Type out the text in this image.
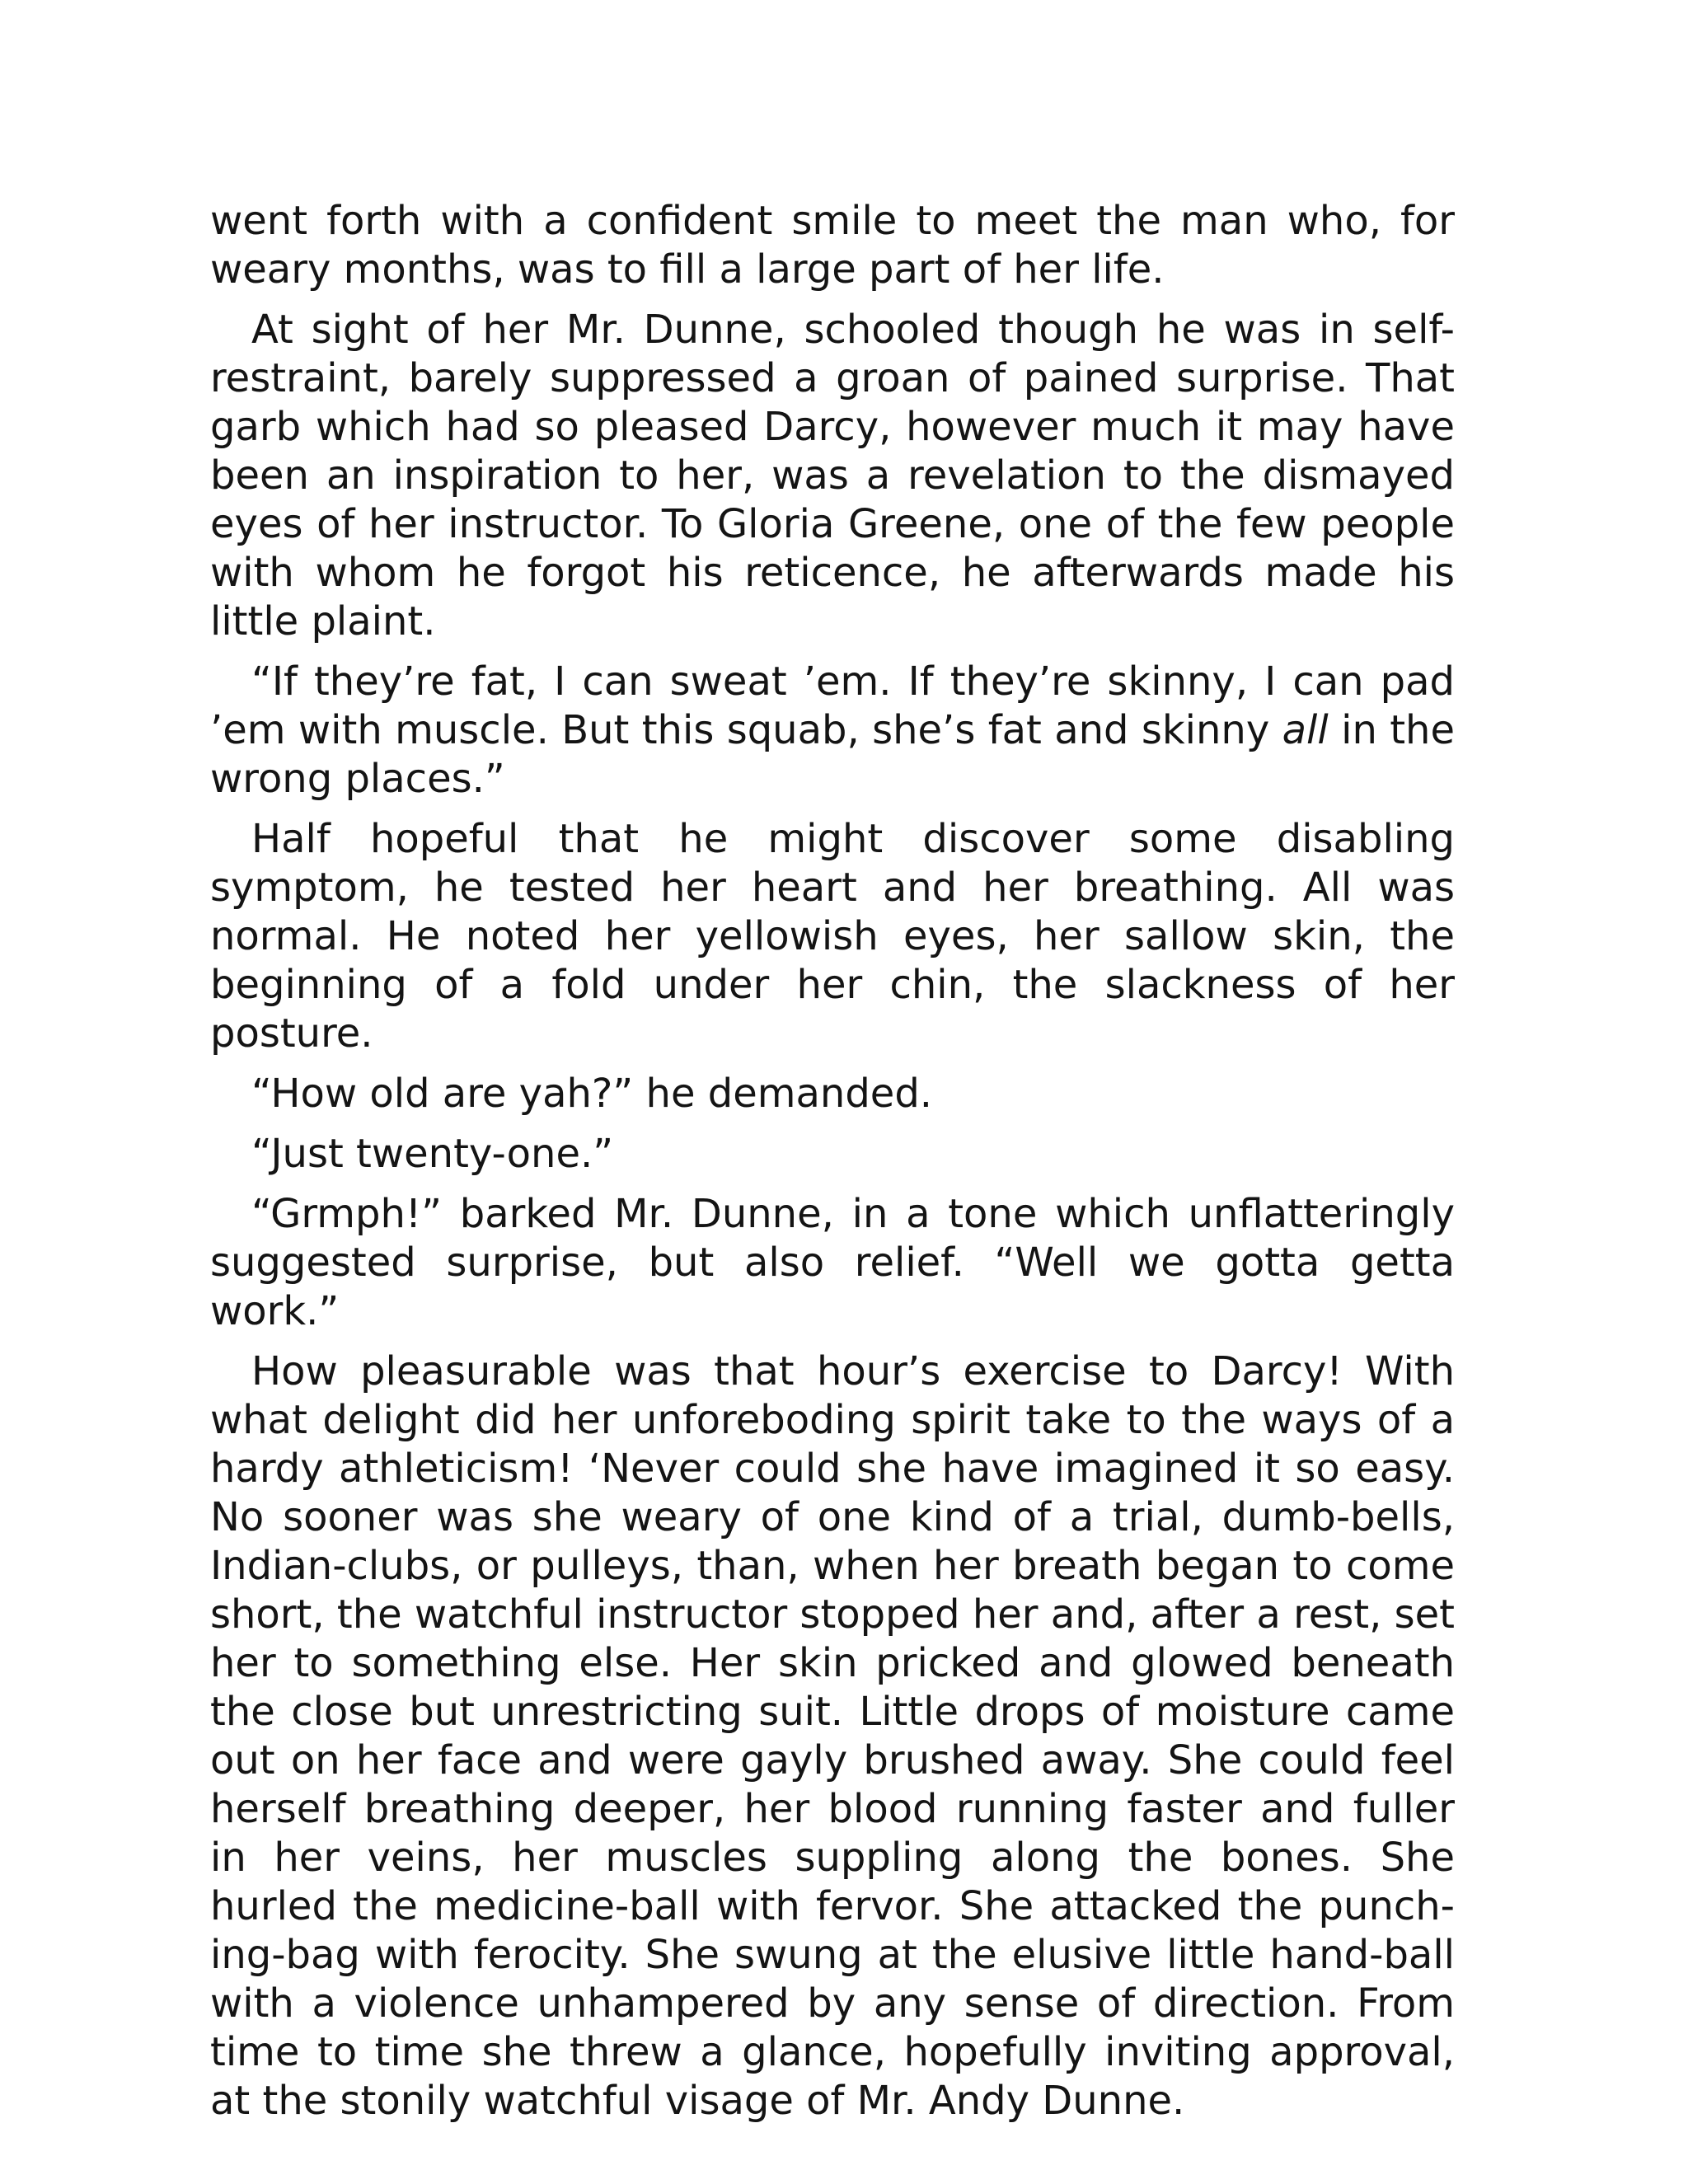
went forth with a confident smile to meet the man who, for weary months, was to fill a large part of her life.

At sight of her Mr. Dunne, schooled though he was in self-restraint, barely suppressed a groan of pained surprise. That garb which had so pleased Darcy, however much it may have been an inspiration to her, was a revelation to the dismayed eyes of her instructor. To Gloria Greene, one of the few people with whom he forgot his reticence, he afterwards made his little plaint.

“If they’re fat, I can sweat ’em. If they’re skinny, I can pad ’em with muscle. But this squab, she’s fat and skinny all in the wrong places.”

Half hopeful that he might discover some disabling symptom, he tested her heart and her breathing. All was normal. He noted her yellowish eyes, her sallow skin, the beginning of a fold under her chin, the slackness of her posture.

“How old are yah?” he demanded.

“Just twenty-one.”

“Grmph!” barked Mr. Dunne, in a tone which unflatteringly suggested surprise, but also relief. “Well we gotta getta work.”

How pleasurable was that hour’s exercise to Darcy! With what delight did her unforeboding spirit take to the ways of a hardy athleticism! ‘Never could she have imagined it so easy. No sooner was she weary of one kind of a trial, dumb-bells, Indian-clubs, or pulleys, than, when her breath began to come short, the watchful instructor stopped her and, after a rest, set her to something else. Her skin pricked and glowed beneath the close but unrestricting suit. Little drops of moisture came out on her face and were gayly brushed away. She could feel herself breathing deeper, her blood running faster and fuller in her veins, her muscles suppling along the bones. She hurled the medicine-ball with fervor. She attacked the punch-ing-bag with ferocity. She swung at the elusive little hand-ball with a violence unhampered by any sense of direction. From time to time she threw a glance, hopefully inviting approval, at the stonily watchful visage of Mr. Andy Dunne.
